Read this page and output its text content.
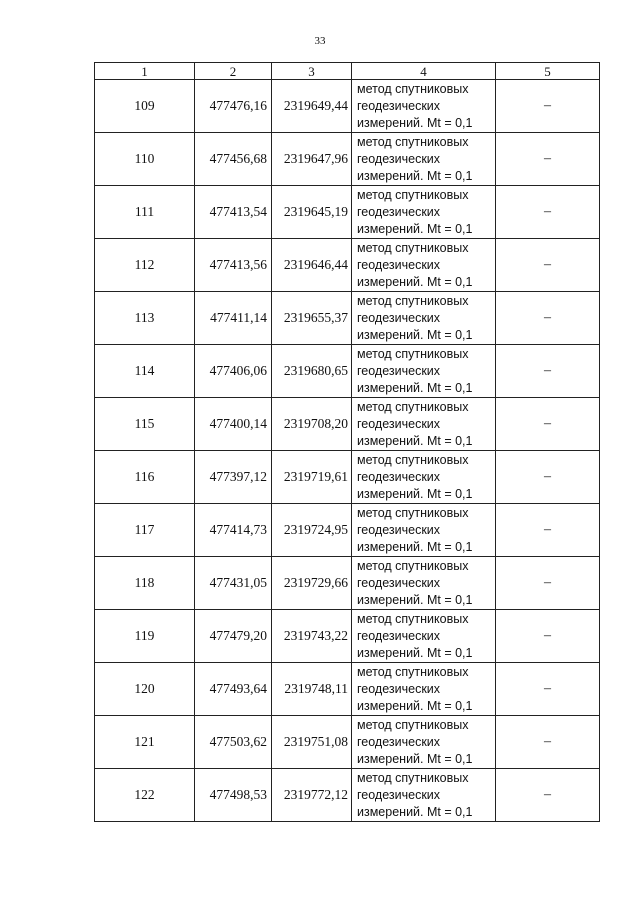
33
1	2	3	4	5
109	477476,16	2319649,44	метод спутниковых
геодезических
измерений. Mt = 0,1	–
110	477456,68	2319647,96	метод спутниковых
геодезических
измерений. Mt = 0,1	–
111	477413,54	2319645,19	метод спутниковых
геодезических
измерений. Mt = 0,1	–
112	477413,56	2319646,44	метод спутниковых
геодезических
измерений. Mt = 0,1	–
113	477411,14	2319655,37	метод спутниковых
геодезических
измерений. Mt = 0,1	–
114	477406,06	2319680,65	метод спутниковых
геодезических
измерений. Mt = 0,1	–
115	477400,14	2319708,20	метод спутниковых
геодезических
измерений. Mt = 0,1	–
116	477397,12	2319719,61	метод спутниковых
геодезических
измерений. Mt = 0,1	–
117	477414,73	2319724,95	метод спутниковых
геодезических
измерений. Mt = 0,1	–
118	477431,05	2319729,66	метод спутниковых
геодезических
измерений. Mt = 0,1	–
119	477479,20	2319743,22	метод спутниковых
геодезических
измерений. Mt = 0,1	–
120	477493,64	2319748,11	метод спутниковых
геодезических
измерений. Mt = 0,1	–
121	477503,62	2319751,08	метод спутниковых
геодезических
измерений. Mt = 0,1	–
122	477498,53	2319772,12	метод спутниковых
геодезических
измерений. Mt = 0,1	–
